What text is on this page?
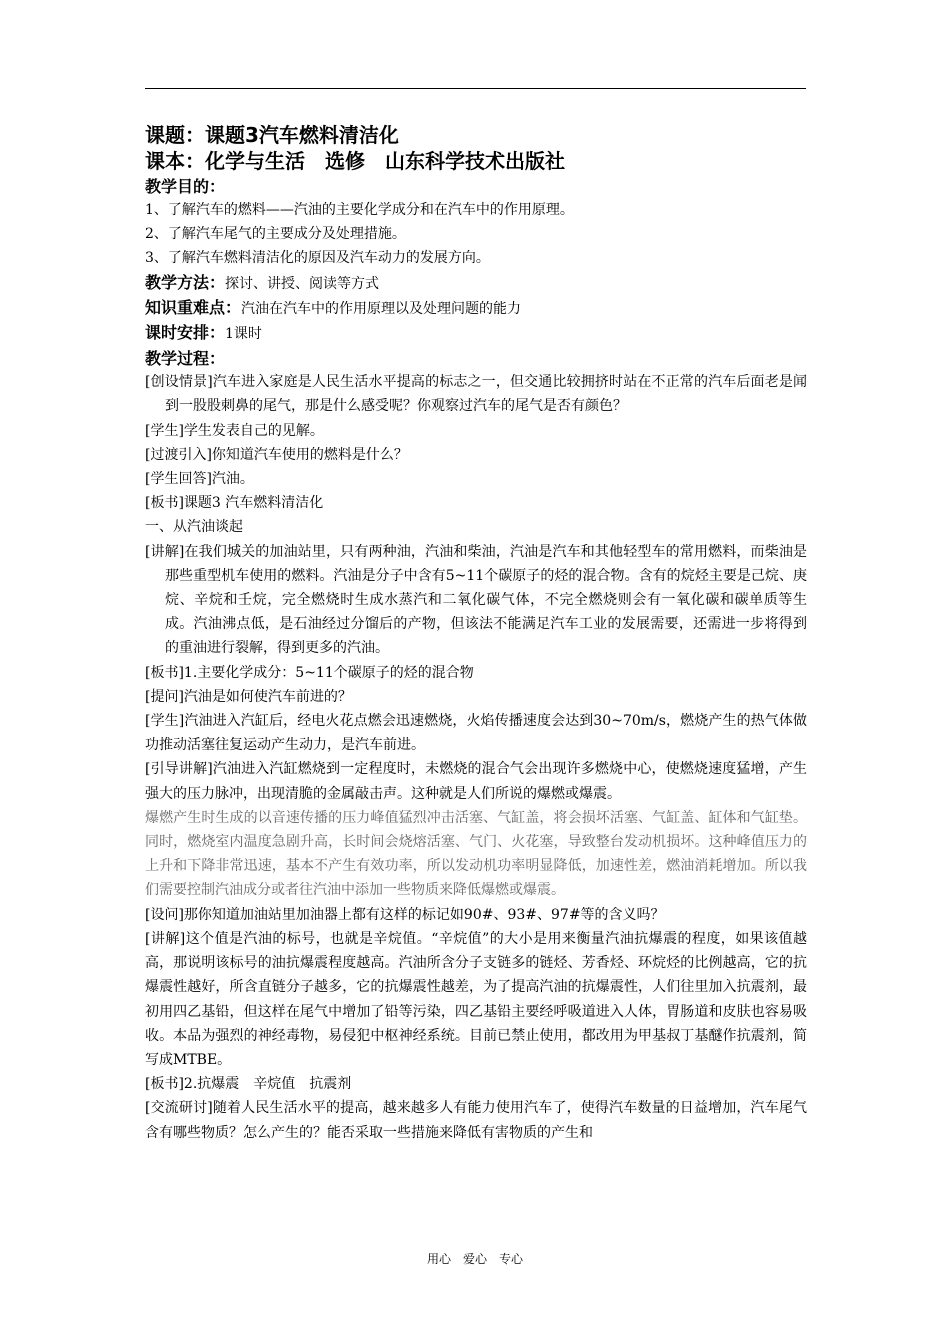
课题：课题3汽车燃料清洁化
课本：化学与生活　选修　山东科学技术出版社
教学目的：
1、了解汽车的燃料——汽油的主要化学成分和在汽车中的作用原理。
2、了解汽车尾气的主要成分及处理措施。
3、了解汽车燃料清洁化的原因及汽车动力的发展方向。
教学方法：探讨、讲授、阅读等方式
知识重难点：汽油在汽车中的作用原理以及处理问题的能力
课时安排：1课时
教学过程：
[创设情景]汽车进入家庭是人民生活水平提高的标志之一，但交通比较拥挤时站在不正常的汽车后面老是闻到一股股刺鼻的尾气，那是什么感受呢？你观察过汽车的尾气是否有颜色？
[学生]学生发表自己的见解。
[过渡引入]你知道汽车使用的燃料是什么？
[学生回答]汽油。
[板书]课题3 汽车燃料清洁化
一、从汽油谈起
[讲解]在我们城关的加油站里，只有两种油，汽油和柴油，汽油是汽车和其他轻型车的常用燃料，而柴油是那些重型机车使用的燃料。汽油是分子中含有5~11个碳原子的烃的混合物。含有的烷烃主要是己烷、庚烷、辛烷和壬烷，完全燃烧时生成水蒸汽和二氧化碳气体，不完全燃烧则会有一氧化碳和碳单质等生成。汽油沸点低，是石油经过分馏后的产物，但该法不能满足汽车工业的发展需要，还需进一步将得到的重油进行裂解，得到更多的汽油。
[板书]1.主要化学成分：5~11个碳原子的烃的混合物
[提问]汽油是如何使汽车前进的？
[学生]汽油进入汽缸后，经电火花点燃会迅速燃烧，火焰传播速度会达到30~70m/s，燃烧产生的热气体做功推动活塞往复运动产生动力，是汽车前进。
[引导讲解]汽油进入汽缸燃烧到一定程度时，未燃烧的混合气会出现许多燃烧中心，使燃烧速度猛增，产生强大的压力脉冲，出现清脆的金属敲击声。这种就是人们所说的爆燃或爆震。
爆燃产生时生成的以音速传播的压力峰值猛烈冲击活塞、气缸盖，将会损坏活塞、气缸盖、缸体和气缸垫。同时，燃烧室内温度急剧升高，长时间会烧熔活塞、气门、火花塞，导致整台发动机损坏。这种峰值压力的上升和下降非常迅速，基本不产生有效功率，所以发动机功率明显降低，加速性差，燃油消耗增加。所以我们需要控制汽油成分或者往汽油中添加一些物质来降低爆燃或爆震。
[设问]那你知道加油站里加油器上都有这样的标记如90#、93#、97#等的含义吗？
[讲解]这个值是汽油的标号，也就是辛烷值。“辛烷值”的大小是用来衡量汽油抗爆震的程度，如果该值越高，那说明该标号的油抗爆震程度越高。汽油所含分子支链多的链烃、芳香烃、环烷烃的比例越高，它的抗爆震性越好，所含直链分子越多，它的抗爆震性越差，为了提高汽油的抗爆震性，人们往里加入抗震剂，最初用四乙基铅，但这样在尾气中增加了铅等污染，四乙基铅主要经呼吸道进入人体，胃肠道和皮肤也容易吸收。本品为强烈的神经毒物，易侵犯中枢神经系统。目前已禁止使用，都改用为甲基叔丁基醚作抗震剂，简写成MTBE。
[板书]2.抗爆震　辛烷值　抗震剂
[交流研讨]随着人民生活水平的提高，越来越多人有能力使用汽车了，使得汽车数量的日益增加，汽车尾气含有哪些物质？怎么产生的？能否采取一些措施来降低有害物质的产生和
用心　爱心　专心
